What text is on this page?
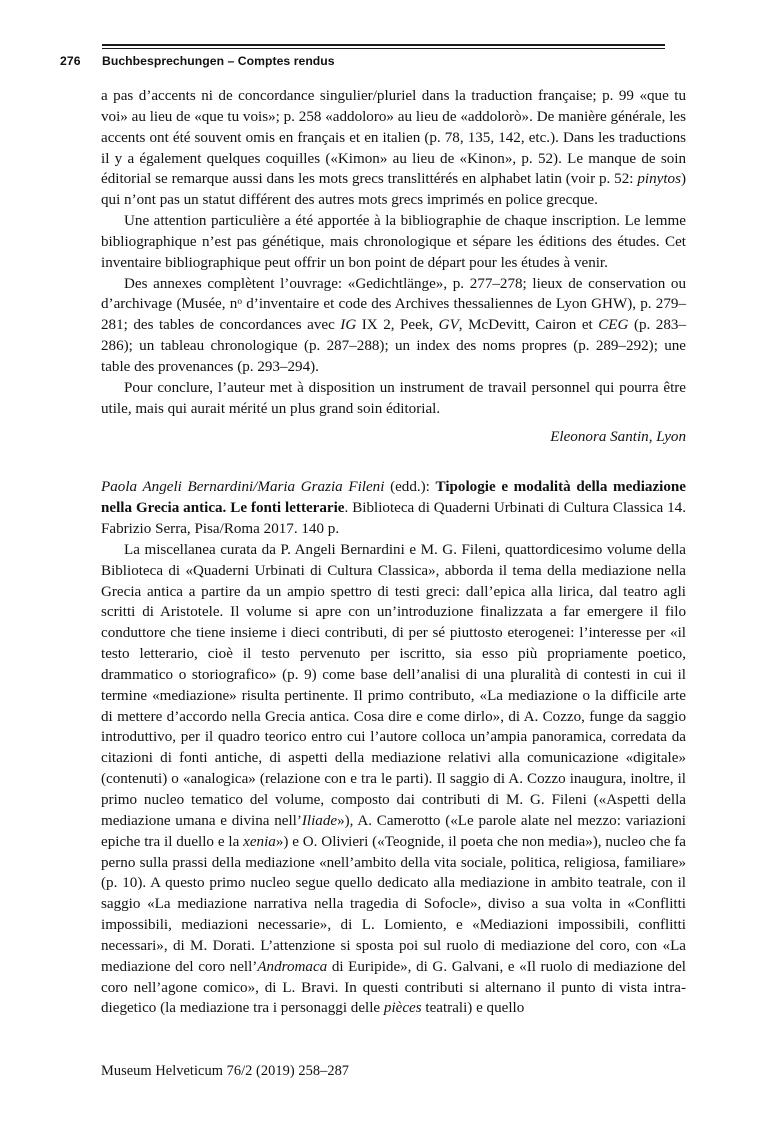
276	Buchbesprechungen – Comptes rendus

a pas d’accents ni de concordance singulier/pluriel dans la traduction française; p. 99 «que tu voi» au lieu de «que tu vois»; p. 258 «addoloro» au lieu de «addolorò». De manière générale, les accents ont été souvent omis en français et en italien (p. 78, 135, 142, etc.). Dans les traductions il y a également quelques coquilles («Kimon» au lieu de «Kinon», p. 52). Le manque de soin éditorial se remarque aussi dans les mots grecs translittérés en alphabet latin (voir p. 52: pinytos) qui n’ont pas un statut différent des autres mots grecs imprimés en police grecque.

Une attention particulière a été apportée à la bibliographie de chaque inscription. Le lemme bibliographique n’est pas génétique, mais chronologique et sépare les éditions des études. Cet inventaire bibliographique peut offrir un bon point de départ pour les études à venir.

Des annexes complètent l’ouvrage: «Gedichtlänge», p. 277–278; lieux de conservation ou d’archivage (Musée, $n^o$ d’inventaire et code des Archives thessaliennes de Lyon GHW), p. 279–281; des tables de concordances avec IG IX 2, Peek, GV, McDevitt, Cairon et CEG (p. 283–286); un tableau chronologique (p. 287–288); un index des noms propres (p. 289–292); une table des provenances (p. 293–294).

Pour conclure, l’auteur met à disposition un instrument de travail personnel qui pourra être utile, mais qui aurait mérité un plus grand soin éditorial.

Eleonora Santin, Lyon

Paola Angeli Bernardini/Maria Grazia Fileni (edd.): Tipologie e modalità della mediazione nella Grecia antica. Le fonti letterarie. Biblioteca di Quaderni Urbinati di Cultura Classica 14. Fabrizio Serra, Pisa/Roma 2017. 140 p.

La miscellanea curata da P. Angeli Bernardini e M. G. Fileni, quattordicesimo volume della Biblioteca di «Quaderni Urbinati di Cultura Classica», abborda il tema della mediazione nella Grecia antica a partire da un ampio spettro di testi greci: dall’epica alla lirica, dal teatro agli scritti di Aristotele. Il volume si apre con un’introduzione finalizzata a far emergere il filo conduttore che tiene insieme i dieci contributi, di per sé piuttosto eterogenei: l’interesse per «il testo letterario, cioè il testo pervenuto per iscritto, sia esso più propriamente poetico, drammatico o storiografico» (p. 9) come base dell’analisi di una pluralità di contesti in cui il termine «mediazione» risulta pertinente. Il primo contributo, «La mediazione o la difficile arte di mettere d’accordo nella Grecia antica. Cosa dire e come dirlo», di A. Cozzo, funge da saggio introduttivo, per il quadro teorico entro cui l’autore colloca un’ampia panoramica, corredata da citazioni di fonti antiche, di aspetti della mediazione relativi alla comunicazione «digitale» (contenuti) o «analogica» (relazione con e tra le parti). Il saggio di A. Cozzo inaugura, inoltre, il primo nucleo tematico del volume, composto dai contributi di M. G. Fileni («Aspetti della mediazione umana e divina nell’Iliade»), A. Camerotto («Le parole alate nel mezzo: variazioni epiche tra il duello e la xenia») e O. Olivieri («Teognide, il poeta che non media»), nucleo che fa perno sulla prassi della mediazione «nell’ambito della vita sociale, politica, religiosa, familiare» (p. 10). A questo primo nucleo segue quello dedicato alla mediazione in ambito teatrale, con il saggio «La mediazione narrativa nella tragedia di Sofocle», diviso a sua volta in «Conflitti impossibili, mediazioni necessarie», di L. Lomiento, e «Mediazioni impossibili, conflitti necessari», di M. Dorati. L’attenzione si sposta poi sul ruolo di mediazione del coro, con «La mediazione del coro nell’Andromaca di Euripide», di G. Galvani, e «Il ruolo di mediazione del coro nell’agone comico», di L. Bravi. In questi contributi si alternano il punto di vista intra-diegetico (la mediazione tra i personaggi delle pièces teatrali) e quello

Museum Helveticum 76/2 (2019) 258–287
